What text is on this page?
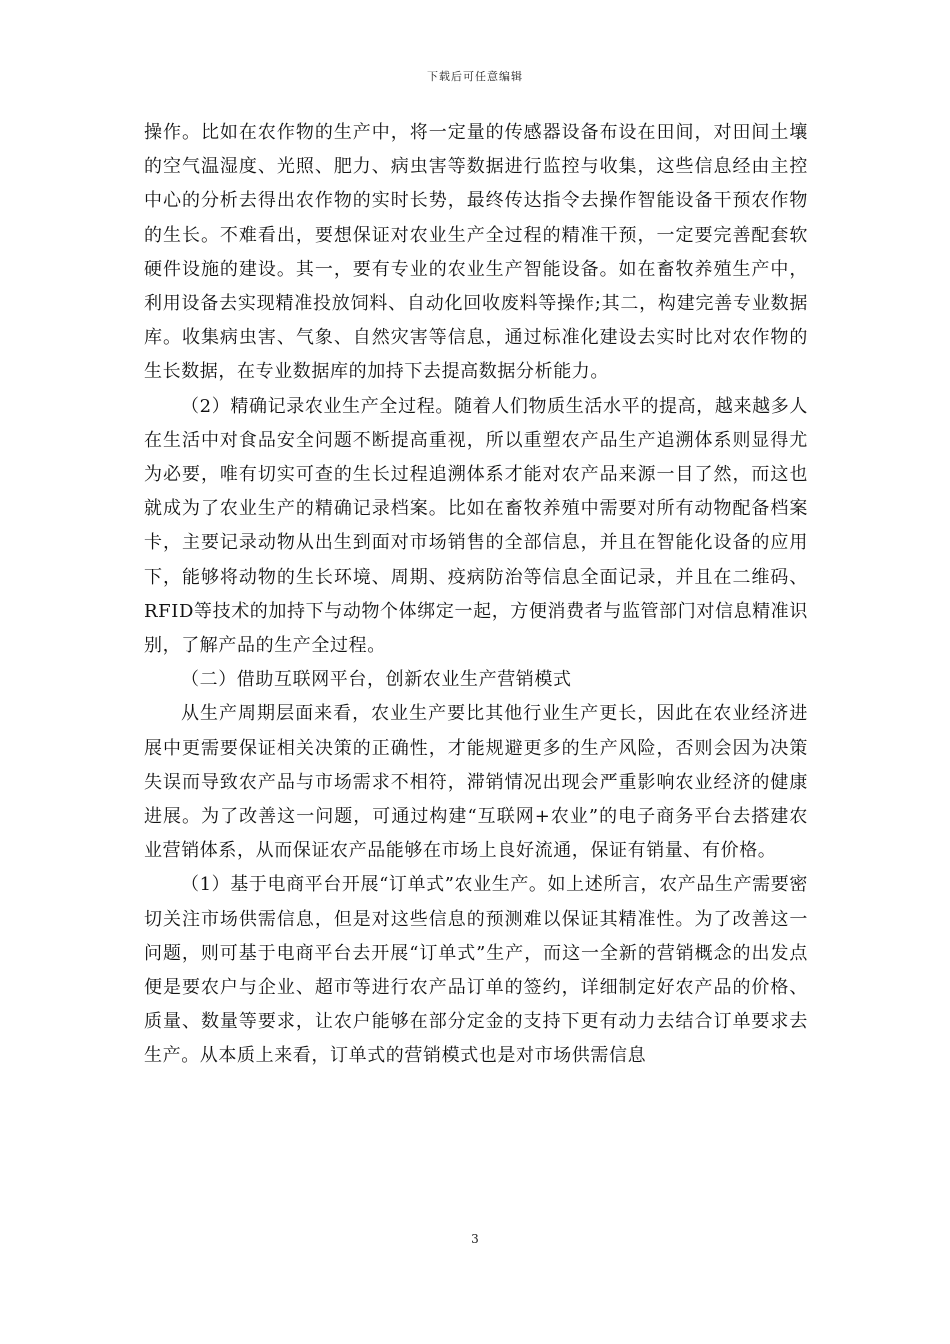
下载后可任意编辑

操作。比如在农作物的生产中，将一定量的传感器设备布设在田间，对田间土壤的空气温湿度、光照、肥力、病虫害等数据进行监控与收集，这些信息经由主控中心的分析去得出农作物的实时长势，最终传达指令去操作智能设备干预农作物的生长。不难看出，要想保证对农业生产全过程的精准干预，一定要完善配套软硬件设施的建设。其一，要有专业的农业生产智能设备。如在畜牧养殖生产中，利用设备去实现精准投放饲料、自动化回收废料等操作;其二，构建完善专业数据库。收集病虫害、气象、自然灾害等信息，通过标准化建设去实时比对农作物的生长数据，在专业数据库的加持下去提高数据分析能力。

（2）精确记录农业生产全过程。随着人们物质生活水平的提高，越来越多人在生活中对食品安全问题不断提高重视，所以重塑农产品生产追溯体系则显得尤为必要，唯有切实可查的生长过程追溯体系才能对农产品来源一目了然，而这也就成为了农业生产的精确记录档案。比如在畜牧养殖中需要对所有动物配备档案卡，主要记录动物从出生到面对市场销售的全部信息，并且在智能化设备的应用下，能够将动物的生长环境、周期、疫病防治等信息全面记录，并且在二维码、RFID等技术的加持下与动物个体绑定一起，方便消费者与监管部门对信息精准识别，了解产品的生产全过程。

（二）借助互联网平台，创新农业生产营销模式

从生产周期层面来看，农业生产要比其他行业生产更长，因此在农业经济进展中更需要保证相关决策的正确性，才能规避更多的生产风险，否则会因为决策失误而导致农产品与市场需求不相符，滞销情况出现会严重影响农业经济的健康进展。为了改善这一问题，可通过构建“互联网+农业”的电子商务平台去搭建农业营销体系，从而保证农产品能够在市场上良好流通，保证有销量、有价格。

（1）基于电商平台开展“订单式”农业生产。如上述所言，农产品生产需要密切关注市场供需信息，但是对这些信息的预测难以保证其精准性。为了改善这一问题，则可基于电商平台去开展“订单式”生产，而这一全新的营销概念的出发点便是要农户与企业、超市等进行农产品订单的签约，详细制定好农产品的价格、质量、数量等要求，让农户能够在部分定金的支持下更有动力去结合订单要求去生产。从本质上来看，订单式的营销模式也是对市场供需信息

3
